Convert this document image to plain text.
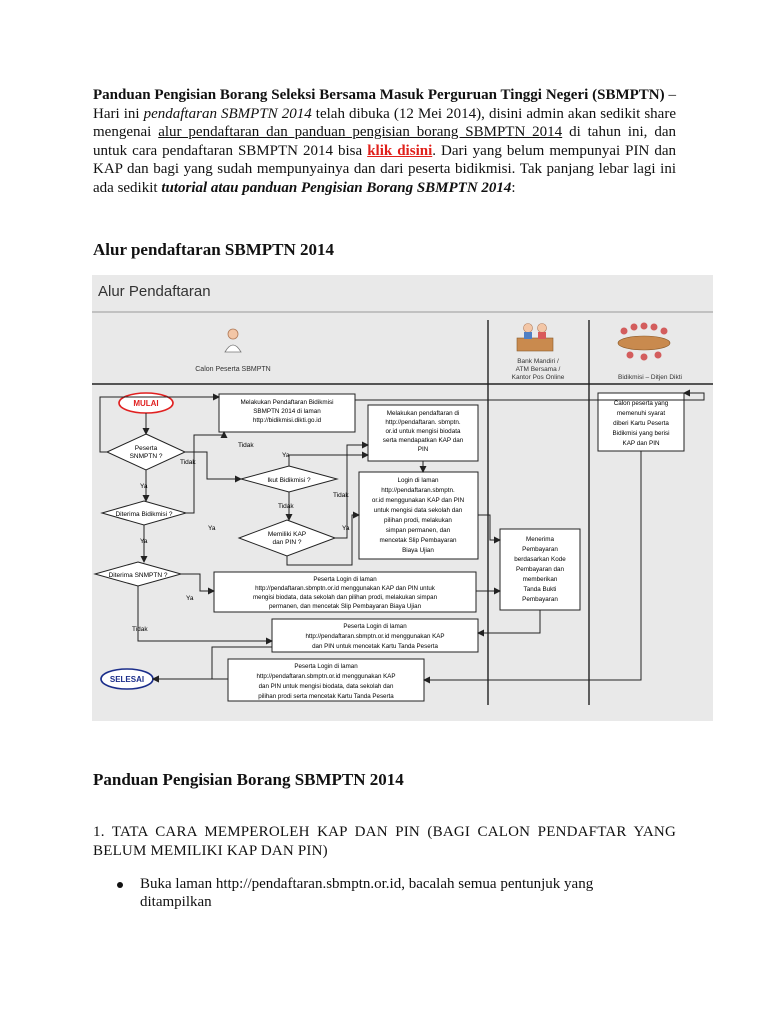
Panduan Pengisian Borang Seleksi Bersama Masuk Perguruan Tinggi Negeri (SBMPTN) – Hari ini pendaftaran SBMPTN 2014 telah dibuka (12 Mei 2014), disini admin akan sedikit share mengenai alur pendaftaran dan panduan pengisian borang SBMPTN 2014 di tahun ini, dan untuk cara pendaftaran SBMPTN 2014 bisa klik disini. Dari yang belum mempunyai PIN dan KAP dan bagi yang sudah mempunyainya dan dari peserta bidikmisi. Tak panjang lebar lagi ini ada sedikit tutorial atau panduan Pengisian Borang SBMPTN 2014:
Alur pendaftaran SBMPTN 2014
Alur Pendaftaran
Calon Peserta SBMPTN
Bank Mandiri /
ATM Bersama /
Kantor Pos Online	Bidikmisi – Ditjen Dikti
MULAI
SELESAI
Peserta
SNMPTN ?
Diterima Bidikmisi ?
Diterima SNMPTN ?
Ikut Bidikmisi ?
Memiliki KAP
dan PIN ?
Melakukan Pendaftaran Bidikmisi
SBMPTN 2014 di laman
http://bidikmisi.dikti.go.id
Melakukan pendaftaran di
http://pendaftaran. sbmptn.
or.id untuk mengisi biodata
serta mendapatkan KAP dan
PIN
Login di laman
http://pendaftaran.sbmptn.
or.id menggunakan KAP dan PIN
untuk mengisi data sekolah dan
pilihan prodi, melakukan
simpan permanen, dan
mencetak Slip Pembayaran
Biaya Ujian
Menerima
Pembayaran
berdasarkan Kode
Pembayaran dan
memberikan
Tanda Bukti
Pembayaran
Calon peserta yang
memenuhi syarat
diberi Kartu Peserta
Bidikmisi yang berisi
KAP dan PIN
Peserta Login di laman
http://pendaftaran.sbmptn.or.id menggunakan KAP dan PIN untuk
mengisi biodata, data sekolah dan pilihan prodi, melakukan simpan
permanen, dan mencetak Slip Pembayaran Biaya Ujian
Peserta Login di laman
http://pendaftaran.sbmptn.or.id menggunakan KAP
dan PIN untuk mencetak Kartu Tanda Peserta
Peserta Login di laman
http://pendaftaran.sbmptn.or.id menggunakan KAP
dan PIN untuk mengisi biodata, data sekolah dan
pilihan prodi serta mencetak Kartu Tanda Peserta
Tidak
Tidak
Ya
Ya
Tidak
Tidak
Ya
Ya
Ya
Ya
Tidak
Panduan Pengisian Borang SBMPTN 2014
1. TATA CARA MEMPEROLEH KAP DAN PIN (BAGI CALON PENDAFTAR YANG BELUM MEMILIKI KAP DAN PIN)
Buka laman http://pendaftaran.sbmptn.or.id, bacalah semua pentunjuk yang ditampilkan
